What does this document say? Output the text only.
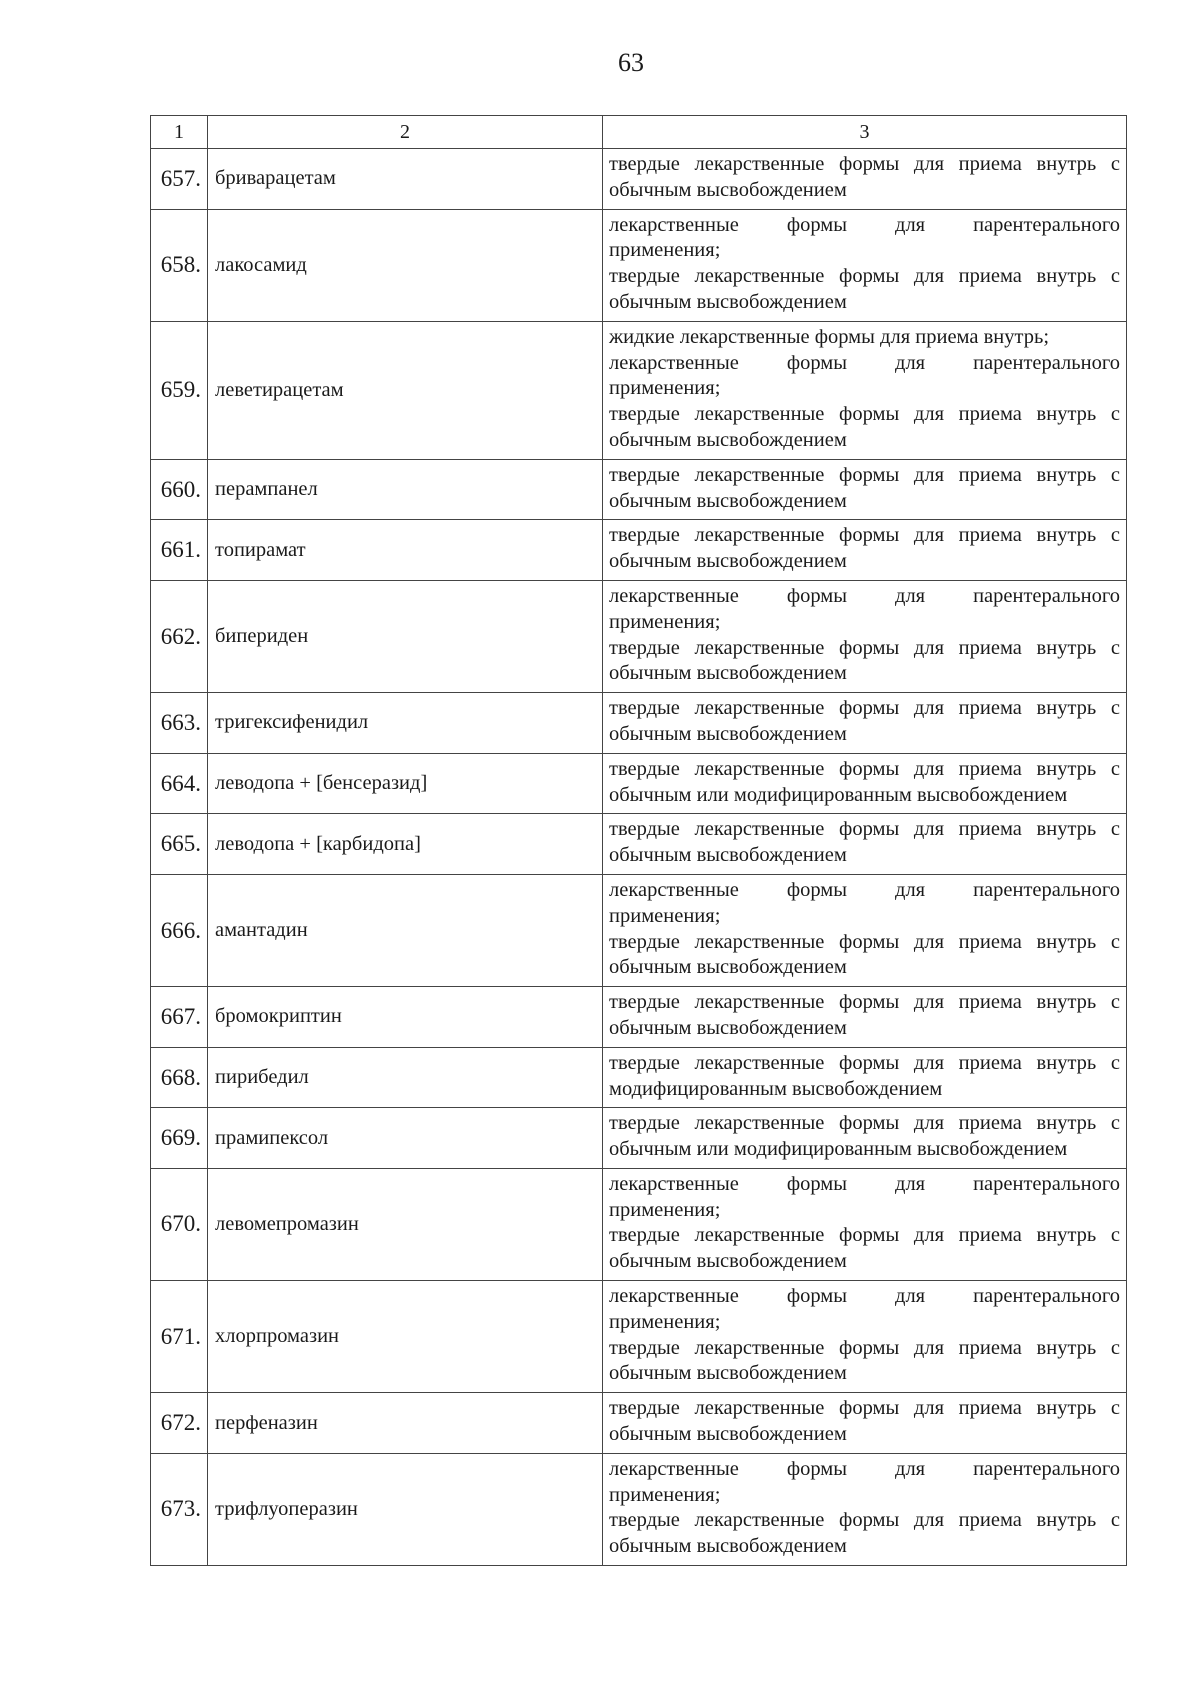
63
1	2	3
657.	бриварацетам	твердые лекарственные формы для приема внутрь с
обычным высвобождением

658.	лакосамид	лекарственные формы для парентерального
применения;
твердые лекарственные формы для приема внутрь с
обычным высвобождением

659.	леветирацетам	жидкие лекарственные формы для приема внутрь;
лекарственные формы для парентерального
применения;
твердые лекарственные формы для приема внутрь с
обычным высвобождением

660.	перампанел	твердые лекарственные формы для приема внутрь с
обычным высвобождением

661.	топирамат	твердые лекарственные формы для приема внутрь с
обычным высвобождением

662.	бипериден	лекарственные формы для парентерального
применения;
твердые лекарственные формы для приема внутрь с
обычным высвобождением

663.	тригексифенидил	твердые лекарственные формы для приема внутрь с
обычным высвобождением

664.	леводопа + [бенсеразид]	твердые лекарственные формы для приема внутрь с
обычным или модифицированным высвобождением

665.	леводопа + [карбидопа]	твердые лекарственные формы для приема внутрь с
обычным высвобождением

666.	амантадин	лекарственные формы для парентерального
применения;
твердые лекарственные формы для приема внутрь с
обычным высвобождением

667.	бромокриптин	твердые лекарственные формы для приема внутрь с
обычным высвобождением

668.	пирибедил	твердые лекарственные формы для приема внутрь с
модифицированным высвобождением

669.	прамипексол	твердые лекарственные формы для приема внутрь с
обычным или модифицированным высвобождением

670.	левомепромазин	лекарственные формы для парентерального
применения;
твердые лекарственные формы для приема внутрь с
обычным высвобождением

671.	хлорпромазин	лекарственные формы для парентерального
применения;
твердые лекарственные формы для приема внутрь с
обычным высвобождением

672.	перфеназин	твердые лекарственные формы для приема внутрь с
обычным высвобождением

673.	трифлуоперазин	лекарственные формы для парентерального
применения;
твердые лекарственные формы для приема внутрь с
обычным высвобождением
